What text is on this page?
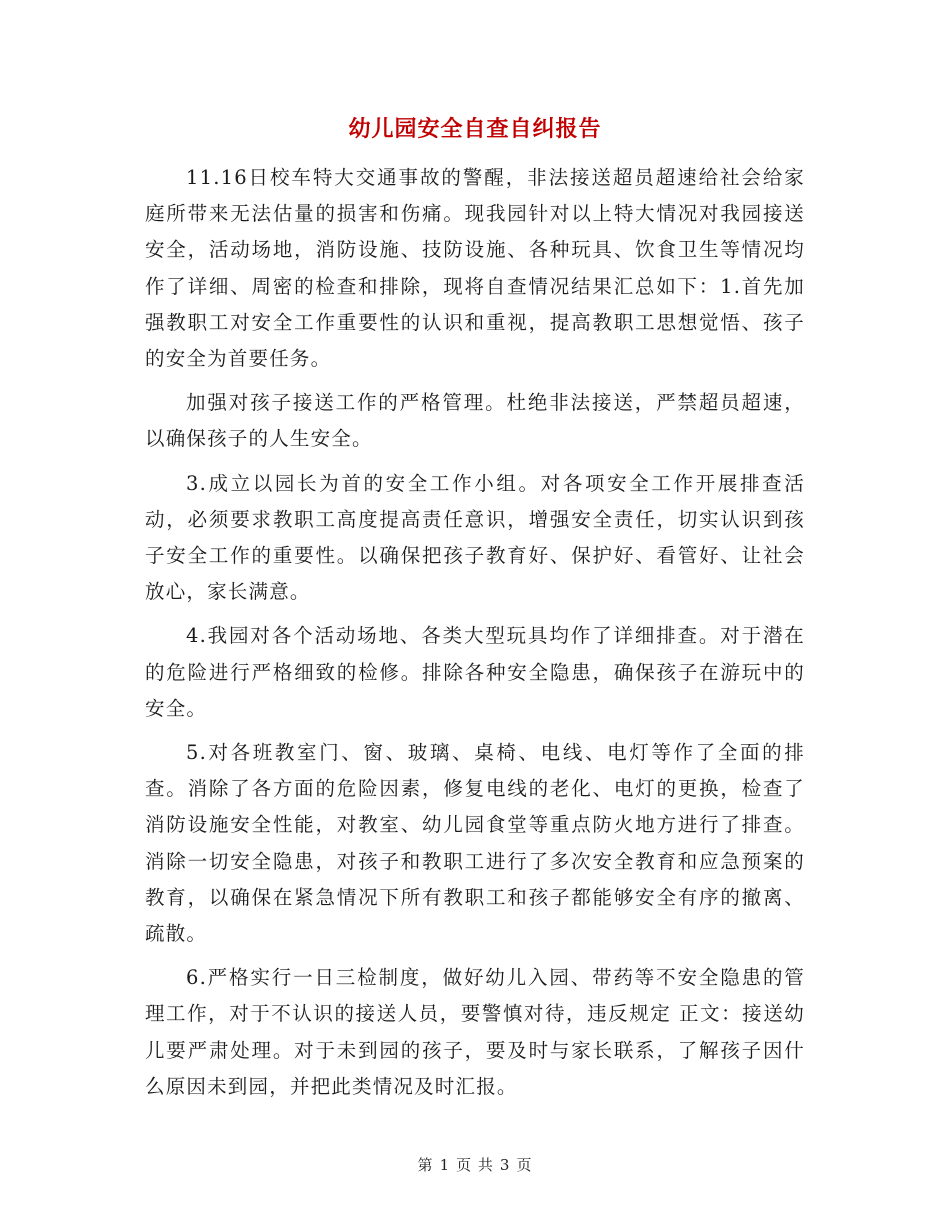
幼儿园安全自查自纠报告

11.16日校车特大交通事故的警醒，非法接送超员超速给社会给家庭所带来无法估量的损害和伤痛。现我园针对以上特大情况对我园接送安全，活动场地，消防设施、技防设施、各种玩具、饮食卫生等情况均作了详细、周密的检查和排除，现将自查情况结果汇总如下：1.首先加强教职工对安全工作重要性的认识和重视，提高教职工思想觉悟、孩子的安全为首要任务。

加强对孩子接送工作的严格管理。杜绝非法接送，严禁超员超速，以确保孩子的人生安全。

3.成立以园长为首的安全工作小组。对各项安全工作开展排查活动，必须要求教职工高度提高责任意识，增强安全责任，切实认识到孩子安全工作的重要性。以确保把孩子教育好、保护好、看管好、让社会放心，家长满意。

4.我园对各个活动场地、各类大型玩具均作了详细排查。对于潜在的危险进行严格细致的检修。排除各种安全隐患，确保孩子在游玩中的安全。

5.对各班教室门、窗、玻璃、桌椅、电线、电灯等作了全面的排查。消除了各方面的危险因素，修复电线的老化、电灯的更换，检查了消防设施安全性能，对教室、幼儿园食堂等重点防火地方进行了排查。消除一切安全隐患，对孩子和教职工进行了多次安全教育和应急预案的教育，以确保在紧急情况下所有教职工和孩子都能够安全有序的撤离、疏散。

6.严格实行一日三检制度，做好幼儿入园、带药等不安全隐患的管理工作，对于不认识的接送人员，要警慎对待，违反规定 正文：接送幼儿要严肃处理。对于未到园的孩子，要及时与家长联系，了解孩子因什么原因未到园，并把此类情况及时汇报。

第 1 页 共 3 页
